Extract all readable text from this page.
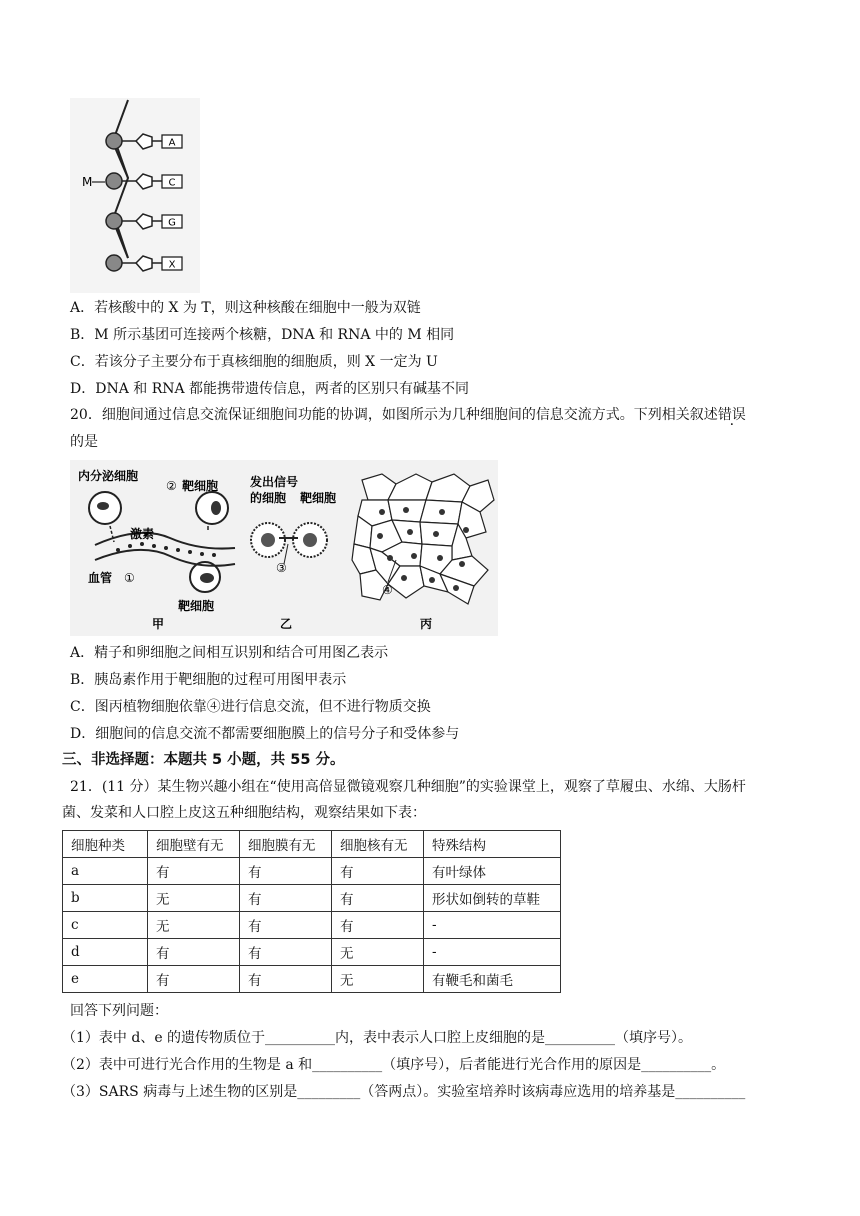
A
C
G
X
M
A．若核酸中的 X 为 T，则这种核酸在细胞中一般为双链
B．M 所示基团可连接两个核糖，DNA 和 RNA 中的 M 相同
C．若该分子主要分布于真核细胞的细胞质，则 X 一定为 U
D．DNA 和 RNA 都能携带遗传信息，两者的区别只有碱基不同
20．细胞间通过信息交流保证细胞间功能的协调，如图所示为几种细胞间的信息交流方式。下列相关叙述错误
的是
内分泌细胞
② 靶细胞
激素
血管 ①
靶细胞
甲
发出信号
的细胞 靶细胞
③
乙
④
丙
A．精子和卵细胞之间相互识别和结合可用图乙表示
B．胰岛素作用于靶细胞的过程可用图甲表示
C．图丙植物细胞依靠④进行信息交流，但不进行物质交换
D．细胞间的信息交流不都需要细胞膜上的信号分子和受体参与
三、非选择题：本题共 5 小题，共 55 分。
21．(11 分）某生物兴趣小组在“使用高倍显微镜观察几种细胞”的实验课堂上，观察了草履虫、水绵、大肠杆
菌、发菜和人口腔上皮这五种细胞结构，观察结果如下表：
细胞种类	细胞壁有无	细胞膜有无	细胞核有无	特殊结构
a	有	有	有	有叶绿体
b	无	有	有	形状如倒转的草鞋
c	无	有	有	-
d	有	有	无	-
e	有	有	无	有鞭毛和菌毛
回答下列问题：
（1）表中 d、e 的遗传物质位于__________内，表中表示人口腔上皮细胞的是__________（填序号）。
（2）表中可进行光合作用的生物是 a 和__________（填序号），后者能进行光合作用的原因是__________。
（3）SARS 病毒与上述生物的区别是_________（答两点）。实验室培养时该病毒应选用的培养基是__________
